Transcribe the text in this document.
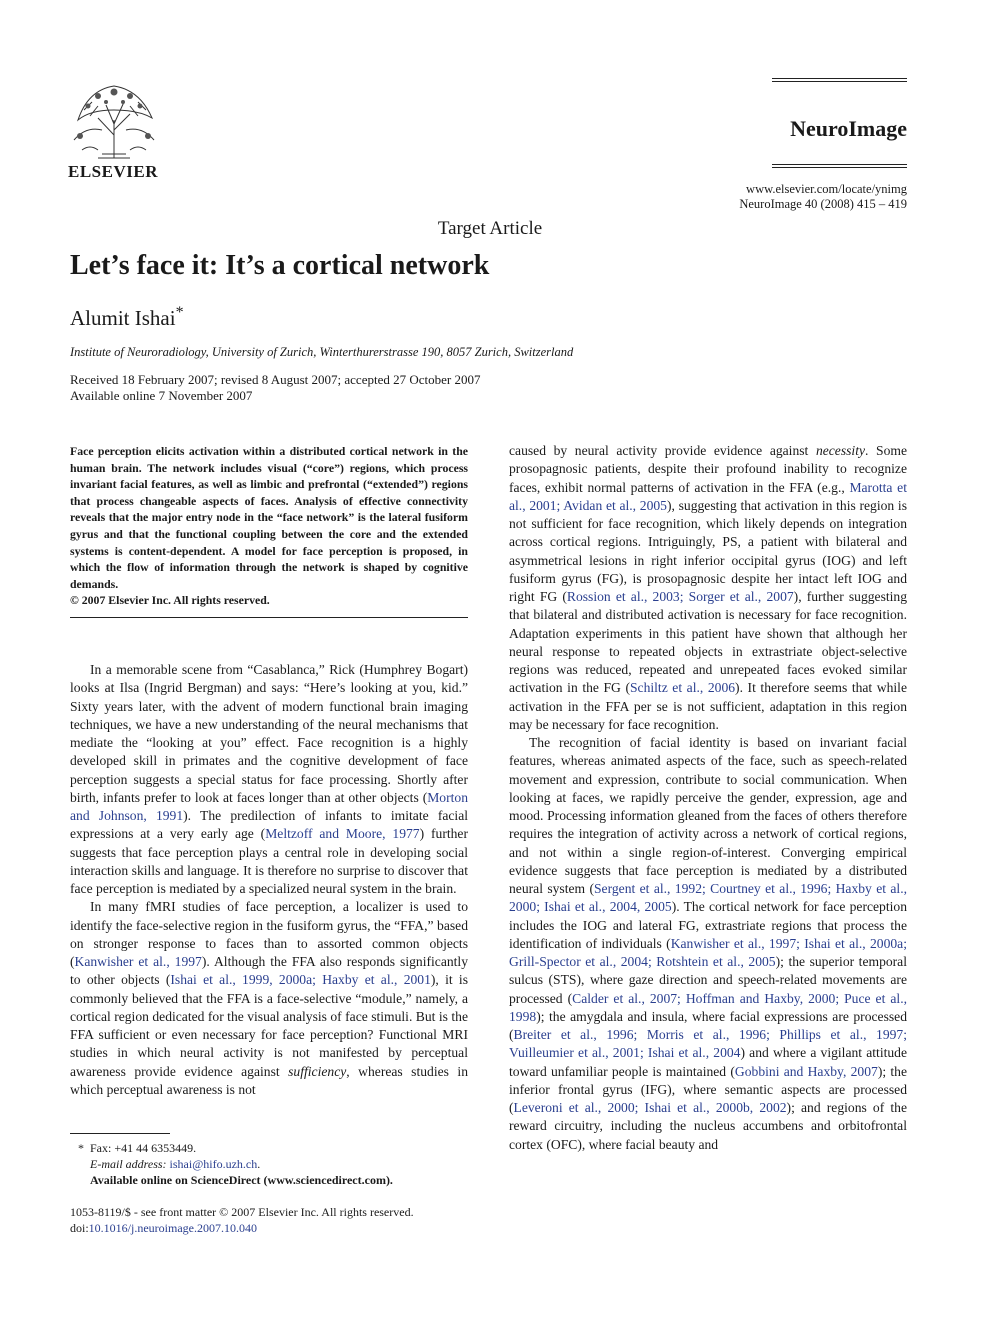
ELSEVIER
NeuroImage
www.elsevier.com/locate/ynimg
NeuroImage 40 (2008) 415 – 419
Target Article
Let’s face it: It’s a cortical network
Alumit Ishai*
Institute of Neuroradiology, University of Zurich, Winterthurerstrasse 190, 8057 Zurich, Switzerland
Received 18 February 2007; revised 8 August 2007; accepted 27 October 2007
Available online 7 November 2007
Face perception elicits activation within a distributed cortical network in the human brain. The network includes visual (“core”) regions, which process invariant facial features, as well as limbic and prefrontal (“extended”) regions that process changeable aspects of faces. Analysis of effective connectivity reveals that the major entry node in the “face network” is the lateral fusiform gyrus and that the functional coupling between the core and the extended systems is content-dependent. A model for face perception is proposed, in which the flow of information through the network is shaped by cognitive demands.
© 2007 Elsevier Inc. All rights reserved.

In a memorable scene from “Casablanca,” Rick (Humphrey Bogart) looks at Ilsa (Ingrid Bergman) and says: “Here’s looking at you, kid.” Sixty years later, with the advent of modern functional brain imaging techniques, we have a new understanding of the neural mechanisms that mediate the “looking at you” effect. Face recognition is a highly developed skill in primates and the cognitive development of face perception suggests a special status for face processing. Shortly after birth, infants prefer to look at faces longer than at other objects (Morton and Johnson, 1991). The predilection of infants to imitate facial expressions at a very early age (Meltzoff and Moore, 1977) further suggests that face perception plays a central role in developing social interaction skills and language. It is therefore no surprise to discover that face perception is mediated by a specialized neural system in the brain.

In many fMRI studies of face perception, a localizer is used to identify the face-selective region in the fusiform gyrus, the “FFA,” based on stronger response to faces than to assorted common objects (Kanwisher et al., 1997). Although the FFA also responds significantly to other objects (Ishai et al., 1999, 2000a; Haxby et al., 2001), it is commonly believed that the FFA is a face-selective “module,” namely, a cortical region dedicated for the visual analysis of face stimuli. But is the FFA sufficient or even necessary for face perception? Functional MRI studies in which neural activity is not manifested by perceptual awareness provide evidence against sufficiency, whereas studies in which perceptual awareness is not

caused by neural activity provide evidence against necessity. Some prosopagnosic patients, despite their profound inability to recognize faces, exhibit normal patterns of activation in the FFA (e.g., Marotta et al., 2001; Avidan et al., 2005), suggesting that activation in this region is not sufficient for face recognition, which likely depends on integration across cortical regions. Intriguingly, PS, a patient with bilateral and asymmetrical lesions in right inferior occipital gyrus (IOG) and left fusiform gyrus (FG), is prosopagnosic despite her intact left IOG and right FG (Rossion et al., 2003; Sorger et al., 2007), further suggesting that bilateral and distributed activation is necessary for face recognition. Adaptation experiments in this patient have shown that although her neural response to repeated objects in extrastriate object-selective regions was reduced, repeated and unrepeated faces evoked similar activation in the FG (Schiltz et al., 2006). It therefore seems that while activation in the FFA per se is not sufficient, adaptation in this region may be necessary for face recognition.

The recognition of facial identity is based on invariant facial features, whereas animated aspects of the face, such as speech-related movement and expression, contribute to social communication. When looking at faces, we rapidly perceive the gender, expression, age and mood. Processing information gleaned from the faces of others therefore requires the integration of activity across a network of cortical regions, and not within a single region-of-interest. Converging empirical evidence suggests that face perception is mediated by a distributed neural system (Sergent et al., 1992; Courtney et al., 1996; Haxby et al., 2000; Ishai et al., 2004, 2005). The cortical network for face perception includes the IOG and lateral FG, extrastriate regions that process the identification of individuals (Kanwisher et al., 1997; Ishai et al., 2000a; Grill-Spector et al., 2004; Rotshtein et al., 2005); the superior temporal sulcus (STS), where gaze direction and speech-related movements are processed (Calder et al., 2007; Hoffman and Haxby, 2000; Puce et al., 1998); the amygdala and insula, where facial expressions are processed (Breiter et al., 1996; Morris et al., 1996; Phillips et al., 1997; Vuilleumier et al., 2001; Ishai et al., 2004) and where a vigilant attitude toward unfamiliar people is maintained (Gobbini and Haxby, 2007); the inferior frontal gyrus (IFG), where semantic aspects are processed (Leveroni et al., 2000; Ishai et al., 2000b, 2002); and regions of the reward circuitry, including the nucleus accumbens and orbitofrontal cortex (OFC), where facial beauty and

* Fax: +41 44 6353449.
E-mail address: ishai@hifo.uzh.ch.
Available online on ScienceDirect (www.sciencedirect.com).
1053-8119/$ - see front matter © 2007 Elsevier Inc. All rights reserved.
doi:10.1016/j.neuroimage.2007.10.040
